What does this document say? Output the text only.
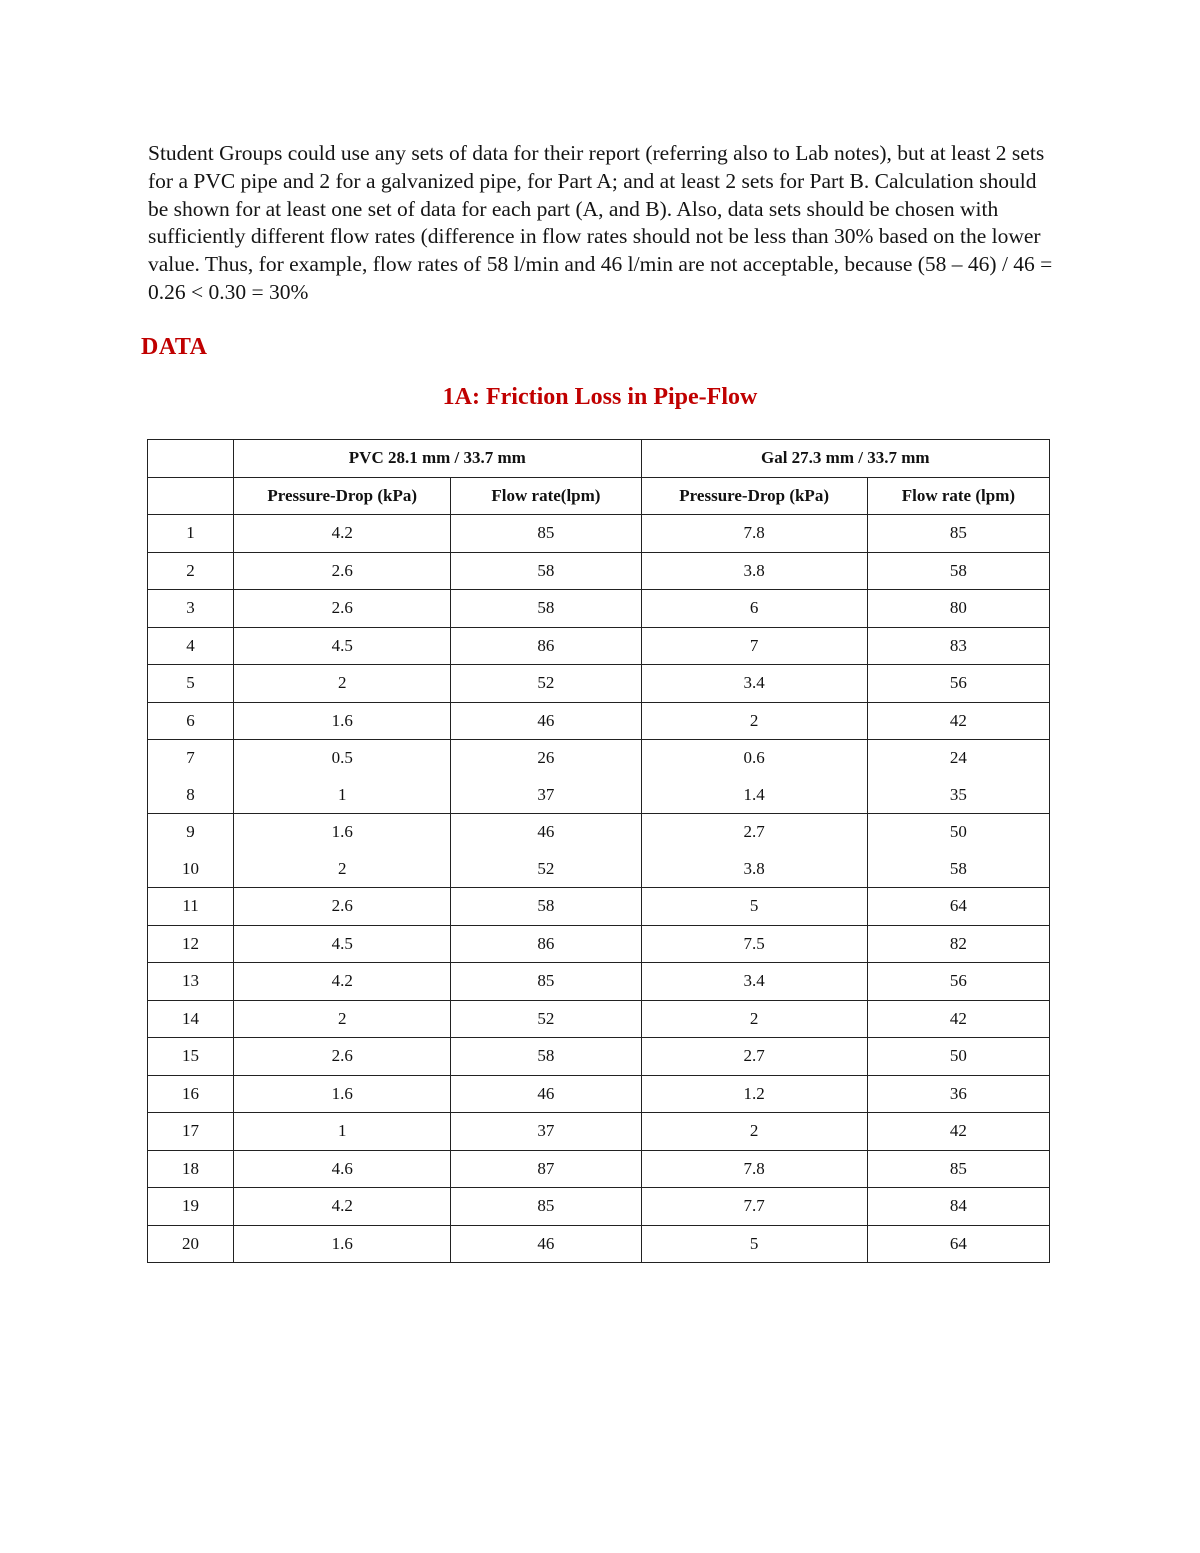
Student Groups could use any sets of data for their report (referring also to Lab notes), but at least 2 sets for a PVC pipe and 2 for a galvanized pipe, for Part A; and at least 2 sets for Part B. Calculation should be shown for at least one set of data for each part (A, and B). Also, data sets should be chosen with sufficiently different flow rates (difference in flow rates should not be less than 30% based on the lower value. Thus, for example, flow rates of 58 l/min and 46 l/min are not acceptable, because (58 – 46) / 46 = 0.26 < 0.30 = 30%

DATA
1A: Friction Loss in Pipe-Flow
	PVC 28.1 mm / 33.7 mm		Gal 27.3 mm / 33.7 mm	
	Pressure-Drop (kPa)	Flow rate(lpm)	Pressure-Drop (kPa)	Flow rate (lpm)
1	4.2	85	7.8	85
2	2.6	58	3.8	58
3	2.6	58	6	80
4	4.5	86	7	83
5	2	52	3.4	56
6	1.6	46	2	42
7	0.5	26	0.6	24
8	1	37	1.4	35
9	1.6	46	2.7	50
10	2	52	3.8	58
11	2.6	58	5	64
12	4.5	86	7.5	82
13	4.2	85	3.4	56
14	2	52	2	42
15	2.6	58	2.7	50
16	1.6	46	1.2	36
17	1	37	2	42
18	4.6	87	7.8	85
19	4.2	85	7.7	84
20	1.6	46	5	64
